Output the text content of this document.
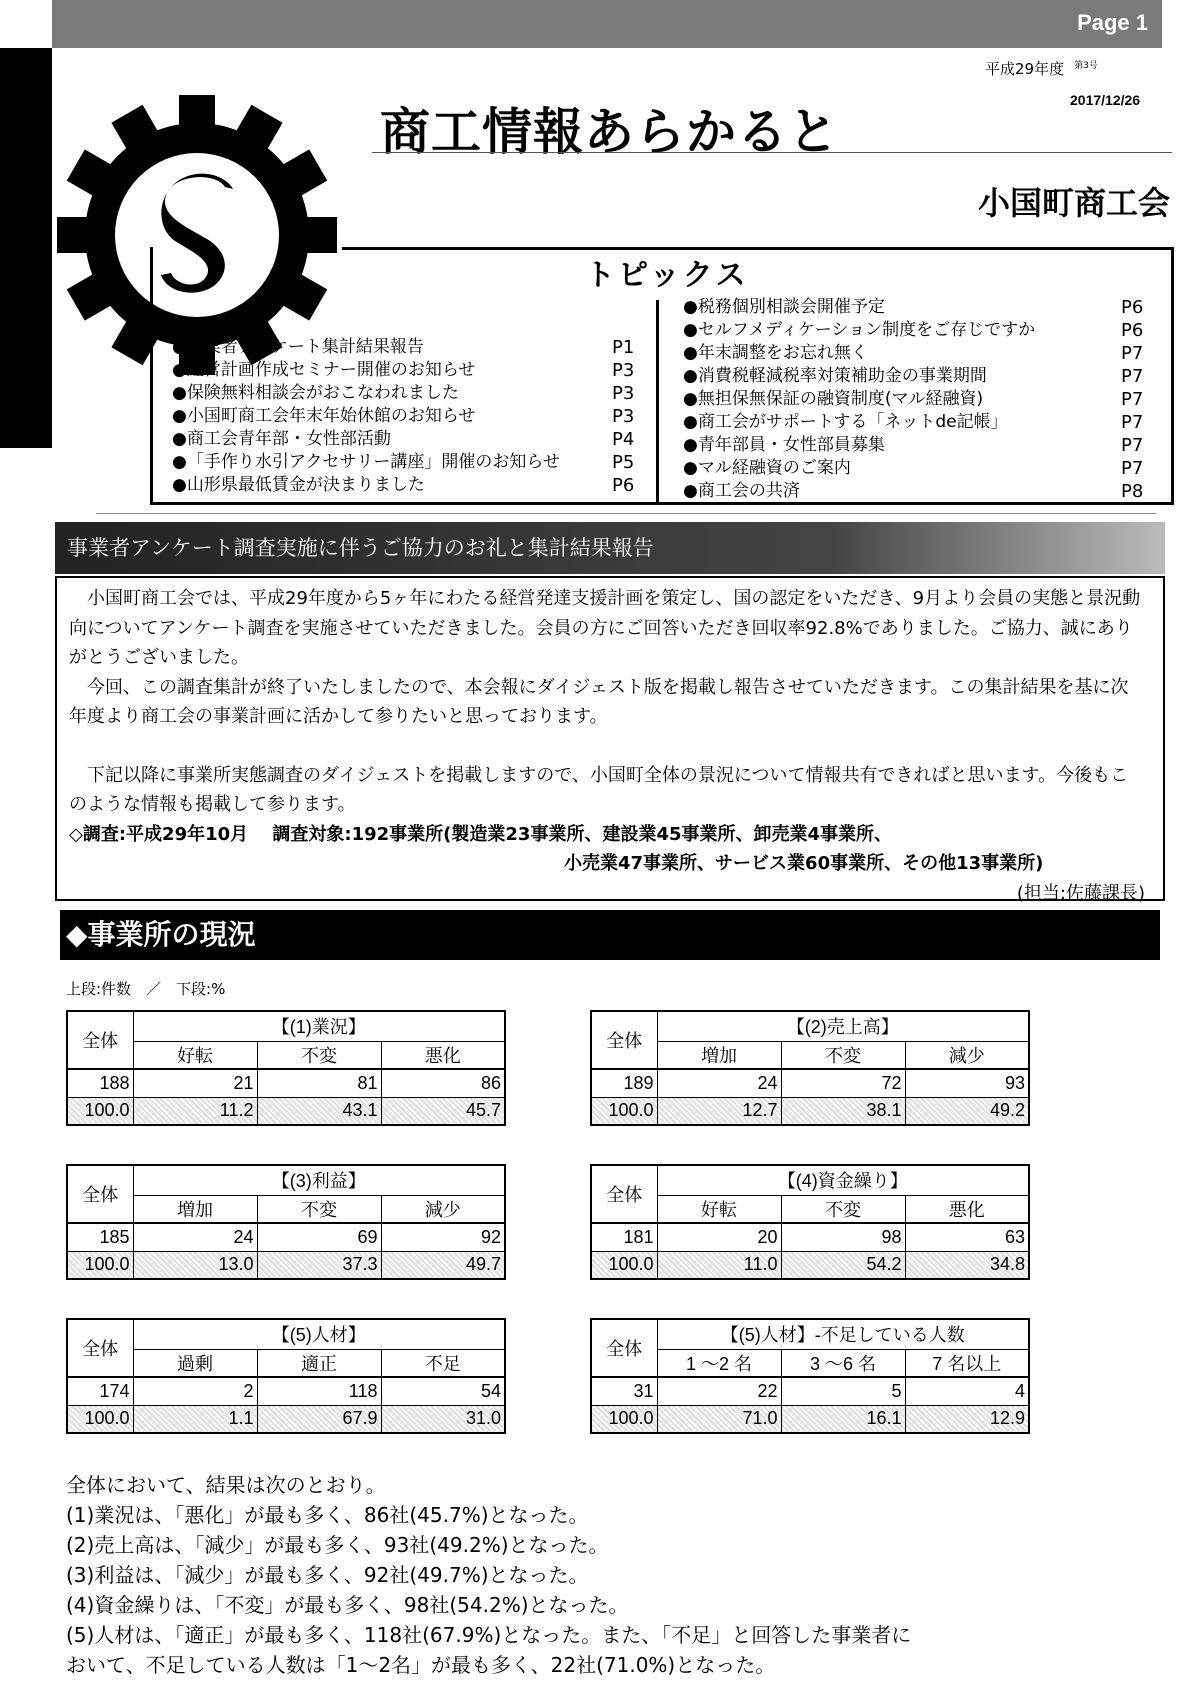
Page 1
平成29年度 $^{第3号}$
2017/12/26
商工情報あらかると
小国町商工会
トピックス
●事業者アンケート集計結果報告	P1
●経営計画作成セミナー開催のお知らせ	P3
●保険無料相談会がおこなわれました	P3
●小国町商工会年末年始休館のお知らせ	P3
●商工会青年部・女性部活動	P4
●「手作り水引アクセサリー講座」開催のお知らせ	P5
●山形県最低賃金が決まりました	P6
●税務個別相談会開催予定	P6
●セルフメディケーション制度をご存じですか	P6
●年末調整をお忘れ無く	P7
●消費税軽減税率対策補助金の事業期間	P7
●無担保無保証の融資制度(マル経融資)	P7
●商工会がサポートする「ネットde記帳」	P7
●青年部員・女性部員募集	P7
●マル経融資のご案内	P7
●商工会の共済	P8
事業者アンケート調査実施に伴うご協力のお礼と集計結果報告

小国町商工会では、平成29年度から5ヶ年にわたる経営発達支援計画を策定し、国の認定をいただき、9月より会員の実態と景況動向についてアンケート調査を実施させていただきました。会員の方にご回答いただき回収率92.8%でありました。ご協力、誠にありがとうございました。

今回、この調査集計が終了いたしましたので、本会報にダイジェスト版を掲載し報告させていただきます。この集計結果を基に次年度より商工会の事業計画に活かして参りたいと思っております。

下記以降に事業所実態調査のダイジェストを掲載しますので、小国町全体の景況について情報共有できればと思います。今後もこのような情報も掲載して参ります。

◇調査:平成29年10月　 調査対象:192事業所(製造業23事業所、建設業45事業所、卸売業4事業所、
小売業47事業所、サービス業60事業所、その他13事業所)
(担当:佐藤課長)
◆事業所の現況
上段:件数　／　下段:%
全体	【(1)業況】		
	好転	不変	悪化
188	21	81	86
100.0	11.2	43.1	45.7
全体	【(2)売上高】		
	増加	不変	減少
189	24	72	93
100.0	12.7	38.1	49.2
全体	【(3)利益】		
	増加	不変	減少
185	24	69	92
100.0	13.0	37.3	49.7
全体	【(4)資金繰り】		
	好転	不変	悪化
181	20	98	63
100.0	11.0	54.2	34.8
全体	【(5)人材】		
	過剰	適正	不足
174	2	118	54
100.0	1.1	67.9	31.0
全体	【(5)人材】-不足している人数		
	1 〜2 名	3 〜6 名	7 名以上
31	22	5	4
100.0	71.0	16.1	12.9
全体において、結果は次のとおり。
(1)業況は、「悪化」が最も多く、86社(45.7%)となった。
(2)売上高は、「減少」が最も多く、93社(49.2%)となった。
(3)利益は、「減少」が最も多く、92社(49.7%)となった。
(4)資金繰りは、「不変」が最も多く、98社(54.2%)となった。
(5)人材は、「適正」が最も多く、118社(67.9%)となった。また、「不足」と回答した事業者に
おいて、不足している人数は「1〜2名」が最も多く、22社(71.0%)となった。
